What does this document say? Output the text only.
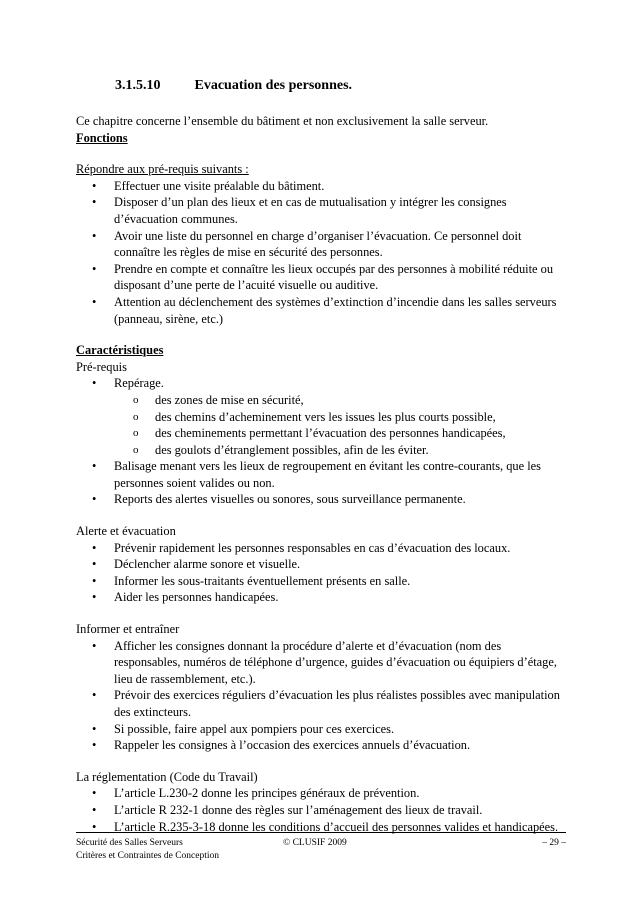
3.1.5.10 Evacuation des personnes.

Ce chapitre concerne l’ensemble du bâtiment et non exclusivement la salle serveur.

Fonctions

Répondre aux pré-requis suivants :

• Effectuer une visite préalable du bâtiment.
• Disposer d’un plan des lieux et en cas de mutualisation y intégrer les consignes d’évacuation communes.
• Avoir une liste du personnel en charge d’organiser l’évacuation. Ce personnel doit connaître les règles de mise en sécurité des personnes.
• Prendre en compte et connaître les lieux occupés par des personnes à mobilité réduite ou disposant d’une perte de l’acuité visuelle ou auditive.
• Attention au déclenchement des systèmes d’extinction d’incendie dans les salles serveurs (panneau, sirène, etc.)

Caractéristiques

Pré-requis

• Repérage.
o des zones de mise en sécurité,
o des chemins d’acheminement vers les issues les plus courts possible,
o des cheminements permettant l’évacuation des personnes handicapées,
o des goulots d’étranglement possibles, afin de les éviter.
• Balisage menant vers les lieux de regroupement en évitant les contre-courants, que les personnes soient valides ou non.
• Reports des alertes visuelles ou sonores, sous surveillance permanente.

Alerte et évacuation

• Prévenir rapidement les personnes responsables en cas d’évacuation des locaux.
• Déclencher alarme sonore et visuelle.
• Informer les sous-traitants éventuellement présents en salle.
• Aider les personnes handicapées.

Informer et entraîner

• Afficher les consignes donnant la procédure d’alerte et d’évacuation (nom des responsables, numéros de téléphone d’urgence, guides d’évacuation ou équipiers d’étage, lieu de rassemblement, etc.).
• Prévoir des exercices réguliers d’évacuation les plus réalistes possibles avec manipulation des extincteurs.
• Si possible, faire appel aux pompiers pour ces exercices.
• Rappeler les consignes à l’occasion des exercices annuels d’évacuation.

La réglementation (Code du Travail)

• L’article L.230-2 donne les principes généraux de prévention.
• L’article R 232-1 donne des règles sur l’aménagement des lieux de travail.
• L’article R.235-3-18 donne les conditions d’accueil des personnes valides et handicapées.
Sécurité des Salles Serveurs
Critères et Contraintes de Conception
© CLUSIF 2009	– 29 –
